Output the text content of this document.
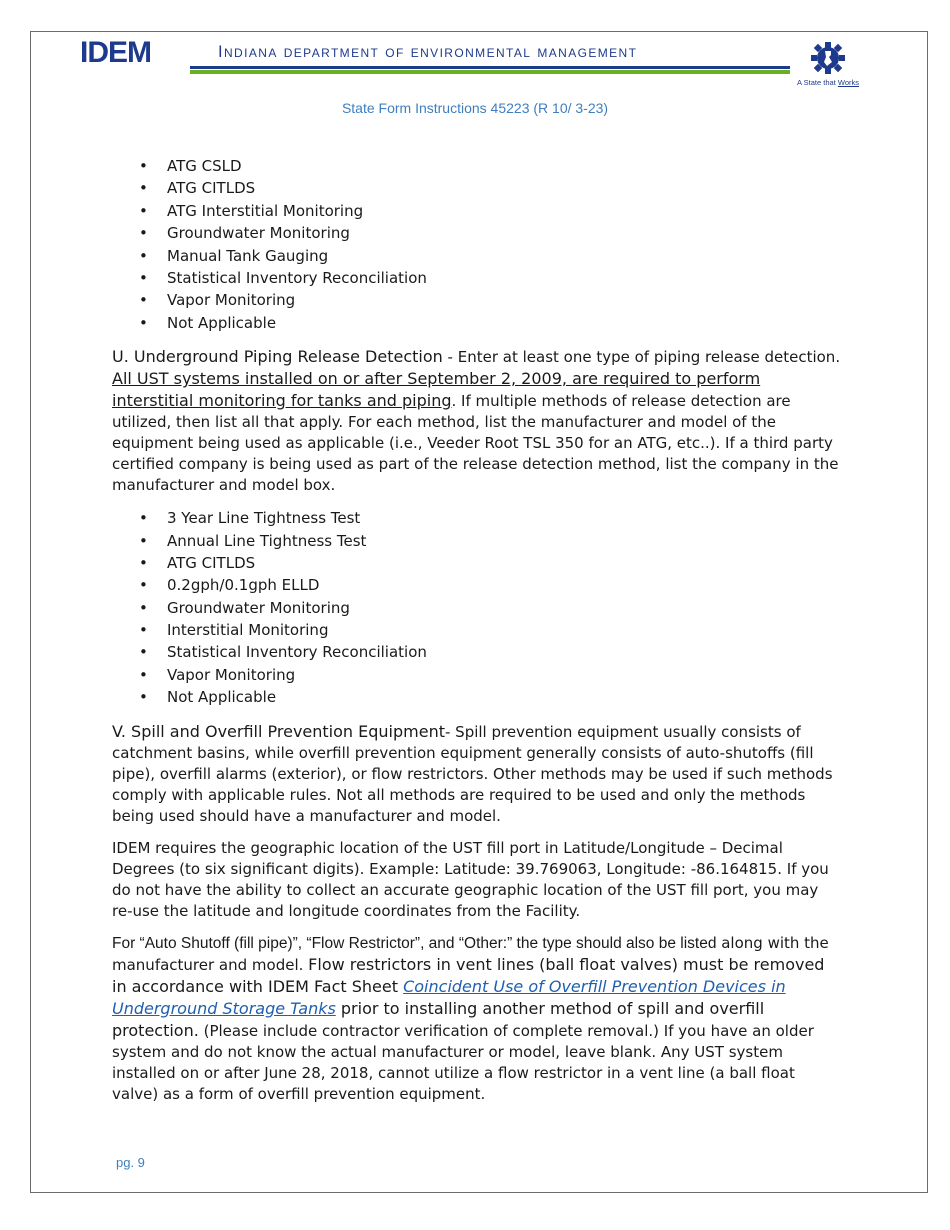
IDEM	Indiana department of environmental management
A State that Works
State Form Instructions 45223 (R 10/ 3-23)
• ATG CSLD
• ATG CITLDS
• ATG Interstitial Monitoring
• Groundwater Monitoring
• Manual Tank Gauging
• Statistical Inventory Reconciliation
• Vapor Monitoring
• Not Applicable

U. Underground Piping Release Detection - Enter at least one type of piping release detection. All UST systems installed on or after September 2, 2009, are required to perform interstitial monitoring for tanks and piping. If multiple methods of release detection are utilized, then list all that apply. For each method, list the manufacturer and model of the equipment being used as applicable (i.e., Veeder Root TSL 350 for an ATG, etc..). If a third party certified company is being used as part of the release detection method, list the company in the manufacturer and model box.

• 3 Year Line Tightness Test
• Annual Line Tightness Test
• ATG CITLDS
• 0.2gph/0.1gph ELLD
• Groundwater Monitoring
• Interstitial Monitoring
• Statistical Inventory Reconciliation
• Vapor Monitoring
• Not Applicable

V. Spill and Overfill Prevention Equipment- Spill prevention equipment usually consists of catchment basins, while overfill prevention equipment generally consists of auto-shutoffs (fill pipe), overfill alarms (exterior), or flow restrictors. Other methods may be used if such methods comply with applicable rules. Not all methods are required to be used and only the methods being used should have a manufacturer and model.

IDEM requires the geographic location of the UST fill port in Latitude/Longitude – Decimal Degrees (to six significant digits). Example: Latitude: 39.769063, Longitude: -86.164815. If you do not have the ability to collect an accurate geographic location of the UST fill port, you may re-use the latitude and longitude coordinates from the Facility.

For “Auto Shutoff (fill pipe)”, “Flow Restrictor”, and “Other:” the type should also be listed along with the manufacturer and model. Flow restrictors in vent lines (ball float valves) must be removed in accordance with IDEM Fact Sheet Coincident Use of Overfill Prevention Devices in Underground Storage Tanks prior to installing another method of spill and overfill protection. (Please include contractor verification of complete removal.) If you have an older system and do not know the actual manufacturer or model, leave blank. Any UST system installed on or after June 28, 2018, cannot utilize a flow restrictor in a vent line (a ball float valve) as a form of overfill prevention equipment.

pg. 9
